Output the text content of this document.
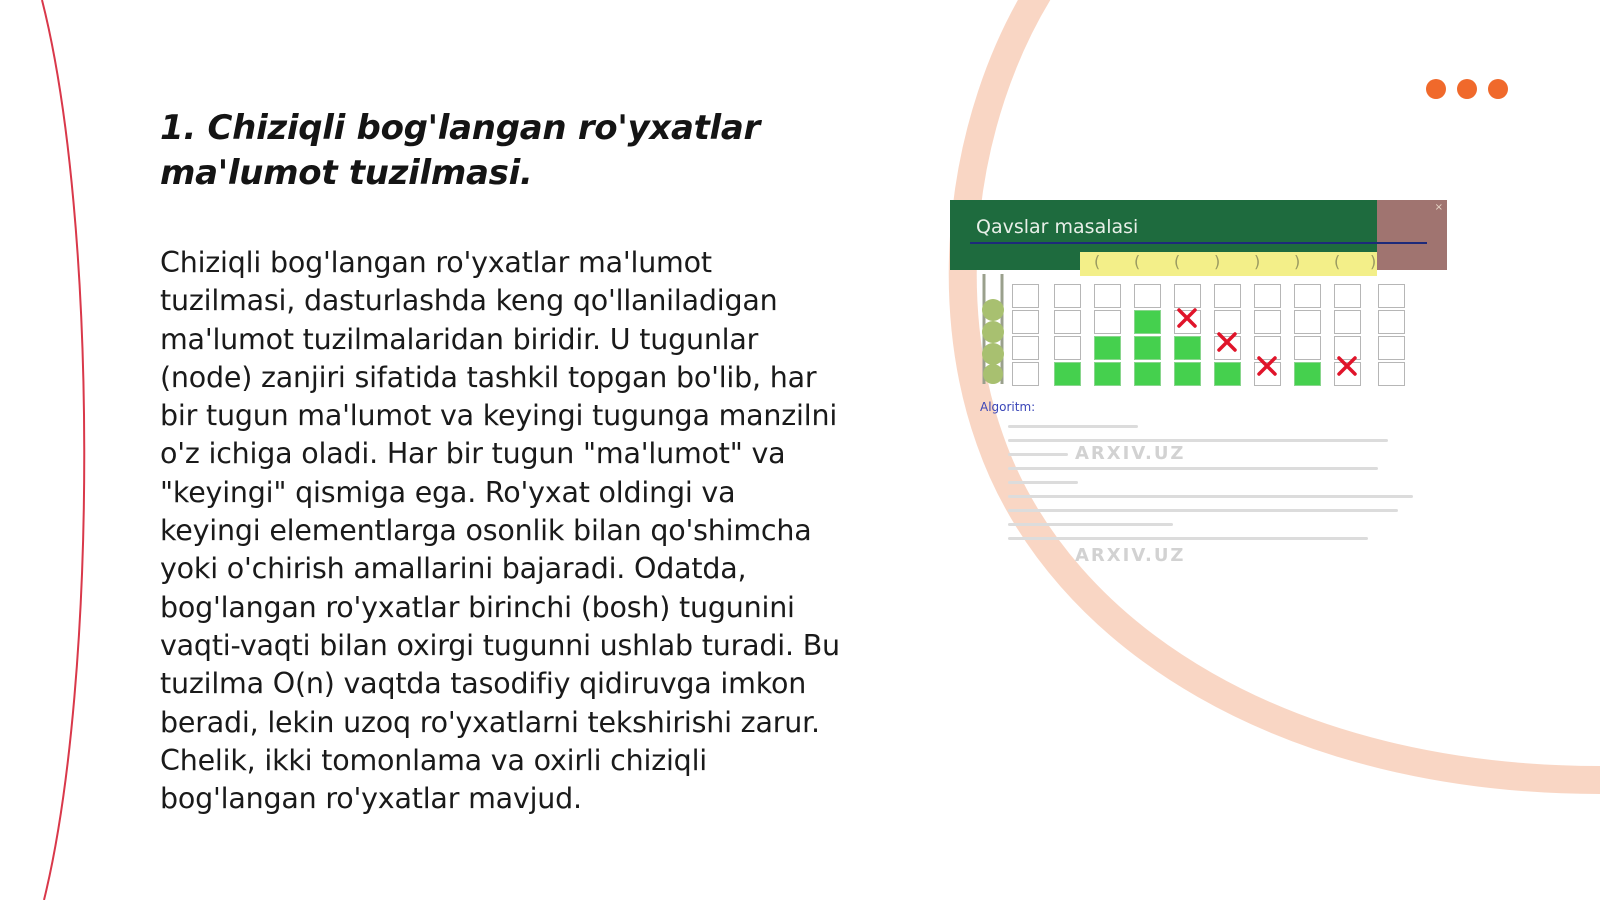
1. Chiziqli bog'langan ro'yxatlar ma'lumot tuzilmasi.

Chiziqli bog'langan ro'yxatlar ma'lumot tuzilmasi, dasturlashda keng qo'llaniladigan ma'lumot tuzilmalaridan biridir. U tugunlar (node) zanjiri sifatida tashkil topgan bo'lib, har bir tugun ma'lumot va keyingi tugunga manzilni o'z ichiga oladi. Har bir tugun "ma'lumot" va "keyingi" qismiga ega. Ro'yxat oldingi va keyingi elementlarga osonlik bilan qo'shimcha yoki o'chirish amallarini bajaradi. Odatda, bog'langan ro'yxatlar birinchi (bosh) tugunini vaqti-vaqti bilan oxirgi tugunni ushlab turadi. Bu tuzilma O(n) vaqtda tasodifiy qidiruvga imkon beradi, lekin uzoq ro'yxatlarni tekshirishi zarur. Chelik, ikki tomonlama va oxirli chiziqli bog'langan ro'yxatlar mavjud.

Qavslar masalasi
×
( ( ( ) ) ) ( )
Algoritm:
ARXIV.UZ
ARXIV.UZ
